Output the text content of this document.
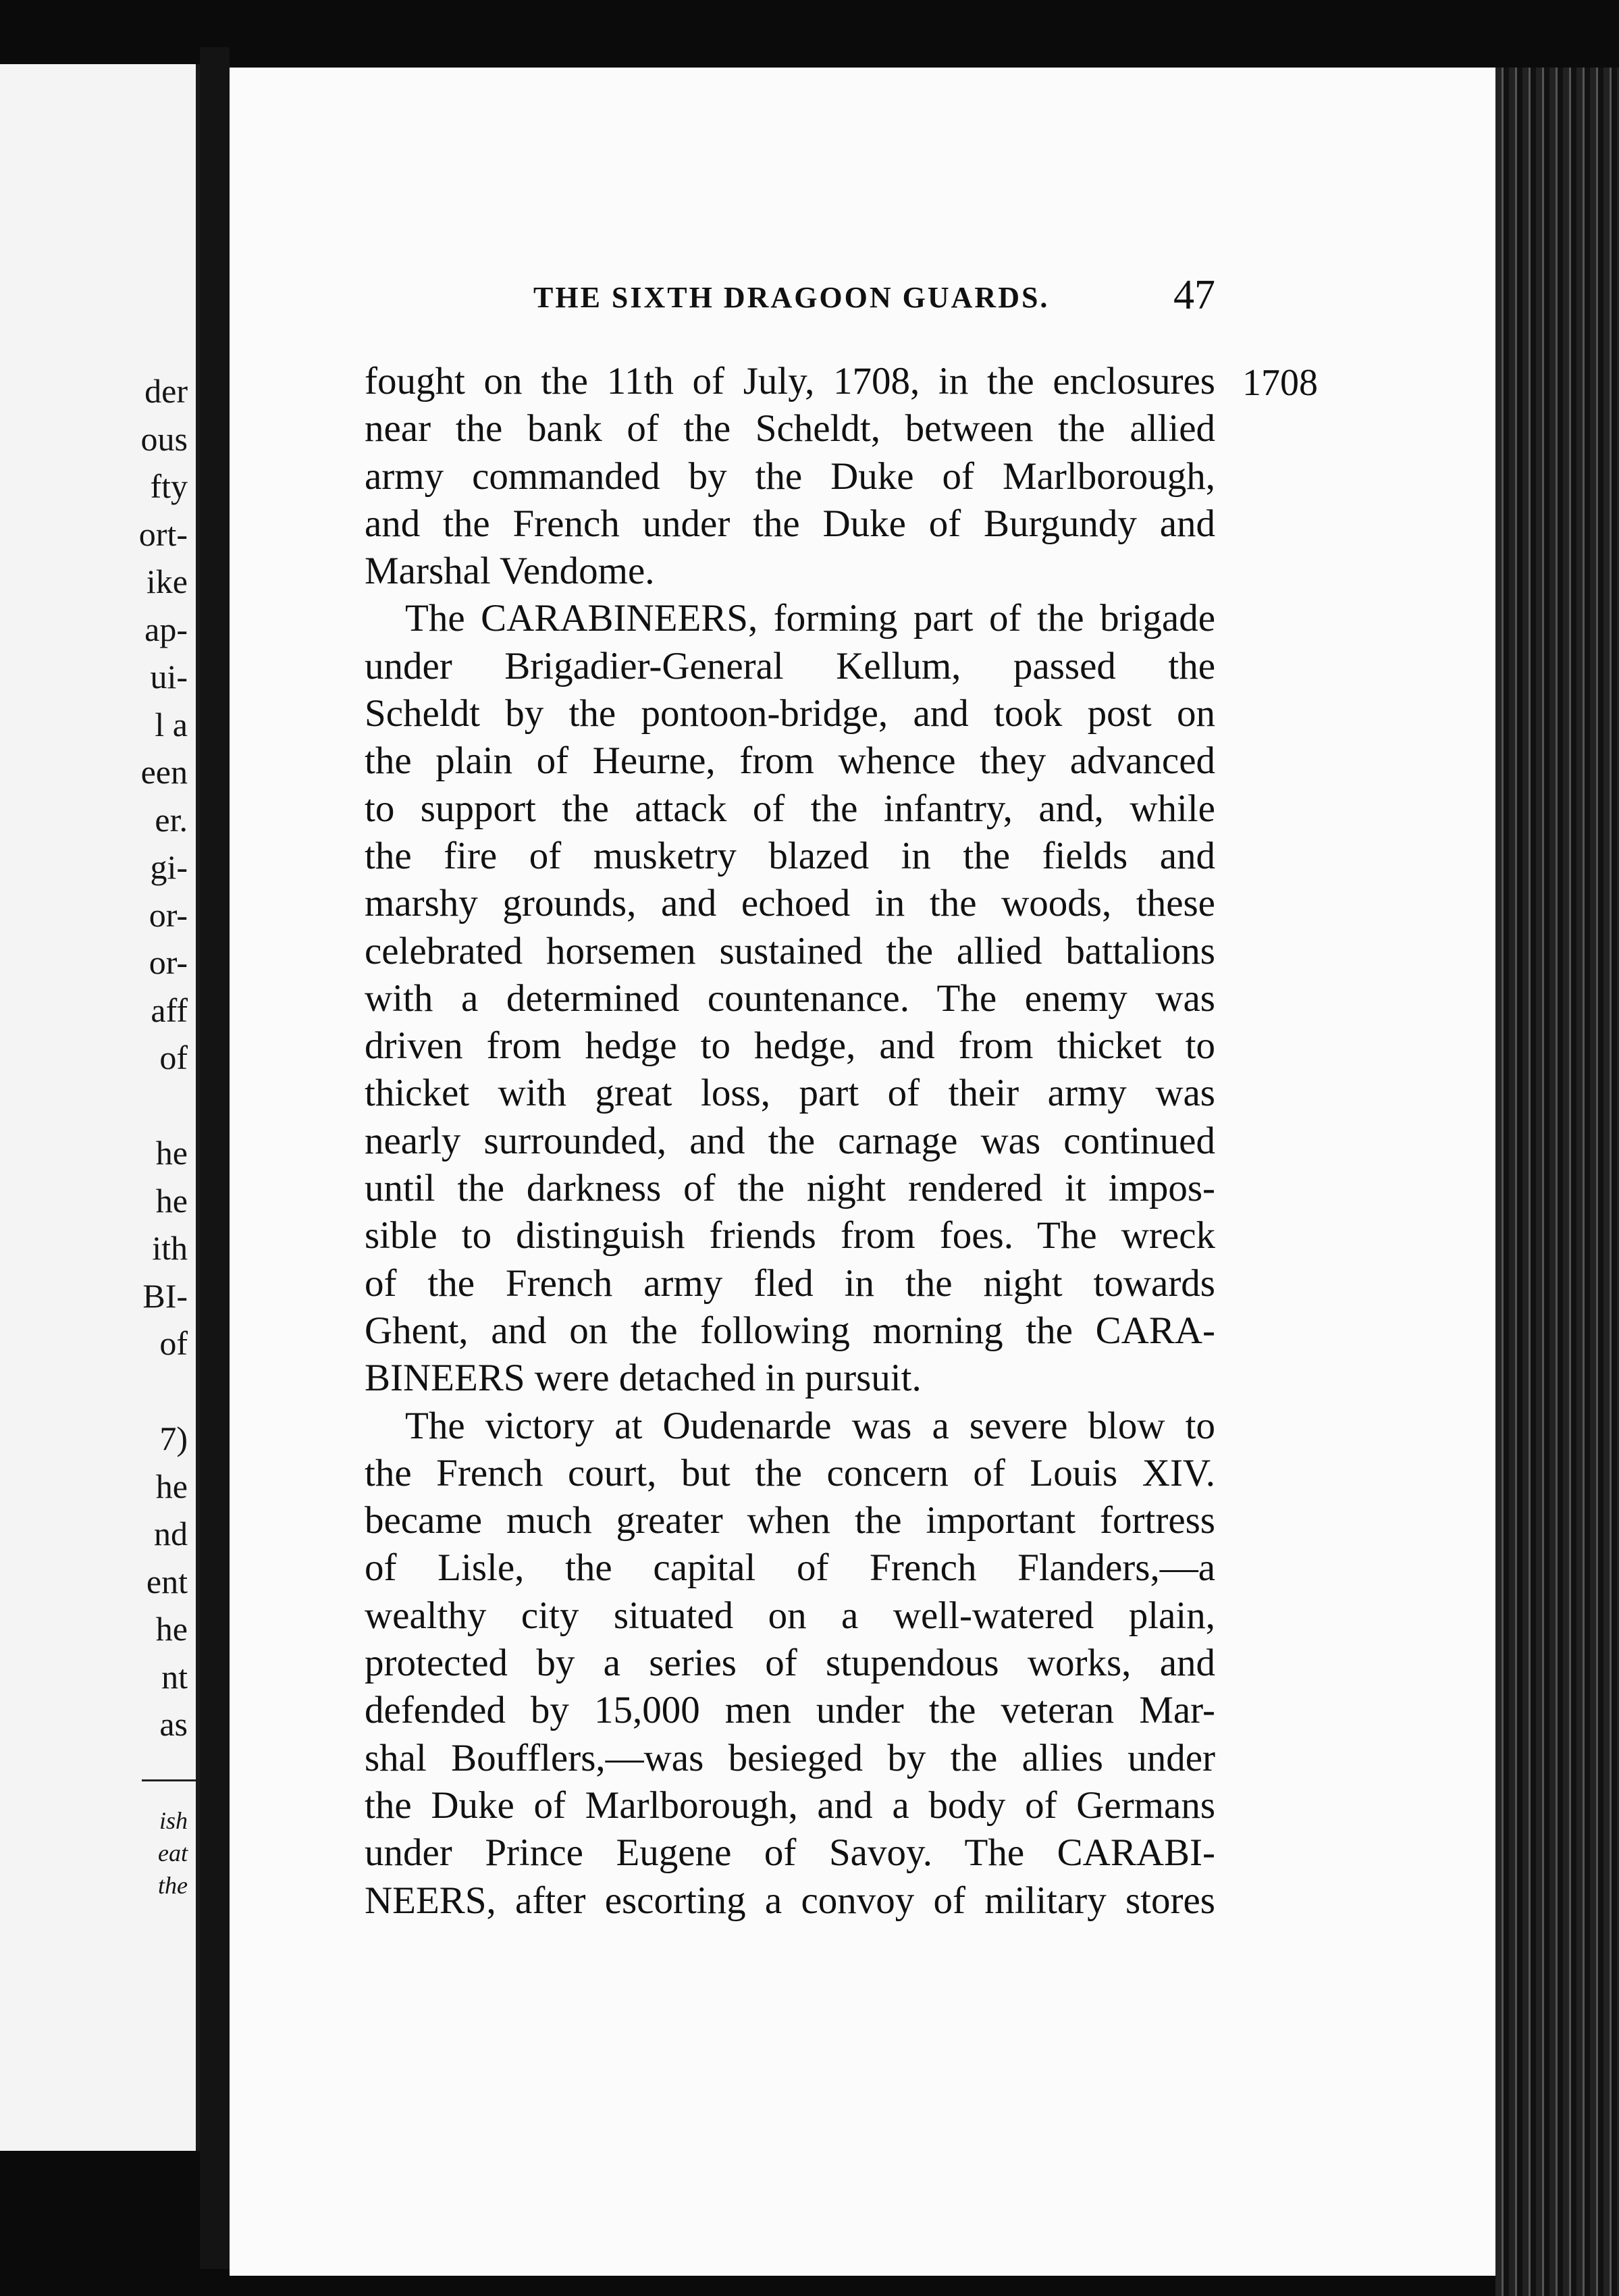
der
ous
fty
ort-
ike
ap-
ui-
l a
een
er.
gi-
or-
or-
aff
of
he
he
ith
BI-
of
7)
he
nd
ent
he
nt
as
ish
eat
the
THE SIXTH DRAGOON GUARDS.	47
1708

fought on the 11th of July, 1708, in the enclosures
near the bank of the Scheldt, between the allied
army commanded by the Duke of Marlborough,
and the French under the Duke of Burgundy and
Marshal Vendome.

The CARABINEERS, forming part of the brigade
under Brigadier-General Kellum, passed the
Scheldt by the pontoon-bridge, and took post on
the plain of Heurne, from whence they advanced
to support the attack of the infantry, and, while
the fire of musketry blazed in the fields and
marshy grounds, and echoed in the woods, these
celebrated horsemen sustained the allied battalions
with a determined countenance. The enemy was
driven from hedge to hedge, and from thicket to
thicket with great loss, part of their army was
nearly surrounded, and the carnage was continued
until the darkness of the night rendered it impos-
sible to distinguish friends from foes. The wreck
of the French army fled in the night towards
Ghent, and on the following morning the CARA-
BINEERS were detached in pursuit.

The victory at Oudenarde was a severe blow to
the French court, but the concern of Louis XIV.
became much greater when the important fortress
of Lisle, the capital of French Flanders,—a
wealthy city situated on a well-watered plain,
protected by a series of stupendous works, and
defended by 15,000 men under the veteran Mar-
shal Boufflers,—was besieged by the allies under
the Duke of Marlborough, and a body of Germans
under Prince Eugene of Savoy. The CARABI-
NEERS, after escorting a convoy of military stores
